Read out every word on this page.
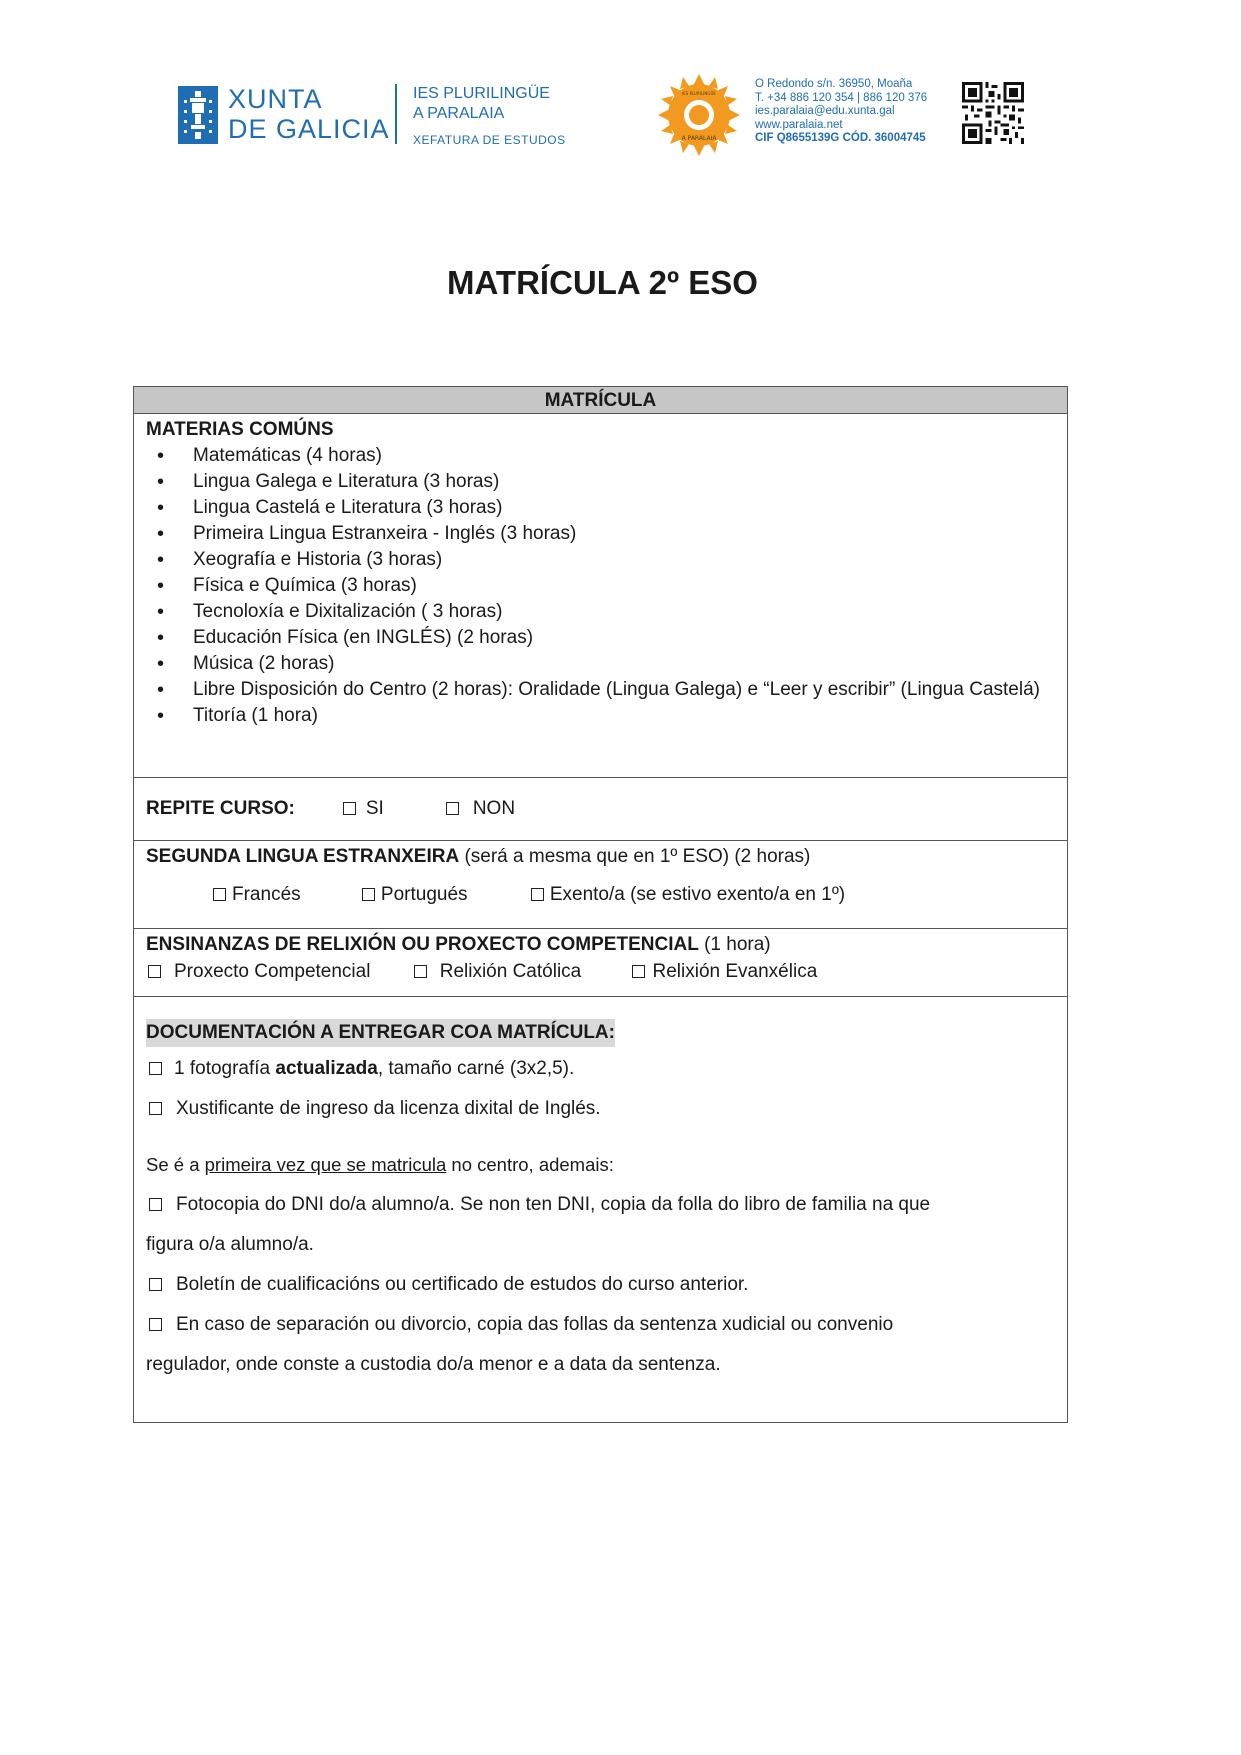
XUNTA
DE GALICIA
IES PLURILINGÜE
A PARALAIA
XEFATURA DE ESTUDOS
IES PLURILINGÜE
A PARALAIA
O Redondo s/n. 36950, Moaña
T. +34 886 120 354 | 886 120 376
ies.paralaia@edu.xunta.gal
www.paralaia.net
CIF Q8655139G CÓD. 36004745
MATRÍCULA 2º ESO
MATRÍCULA
MATERIAS COMÚNS
• Matemáticas (4 horas)
• Lingua Galega e Literatura (3 horas)
• Lingua Castelá e Literatura (3 horas)
• Primeira Lingua Estranxeira - Inglés (3 horas)
• Xeografía e Historia (3 horas)
• Física e Química (3 horas)
• Tecnoloxía e Dixitalización ( 3 horas)
• Educación Física (en INGLÉS) (2 horas)
• Música (2 horas)
• Libre Disposición do Centro (2 horas): Oralidade (Lingua Galega) e “Leer y escribir” (Lingua Castelá)
• Titoría (1 hora)
REPITE CURSO:	SI	NON
SEGUNDA LINGUA ESTRANXEIRA (será a mesma que en 1º ESO) (2 horas)
Francés	Portugués	Exento/a (se estivo exento/a en 1º)
ENSINANZAS DE RELIXIÓN OU PROXECTO COMPETENCIAL (1 hora)
Proxecto Competencial	Relixión Católica	Relixión Evanxélica
DOCUMENTACIÓN A ENTREGAR COA MATRÍCULA:
1 fotografía actualizada, tamaño carné (3x2,5).
Xustificante de ingreso da licenza dixital de Inglés.
Se é a primeira vez que se matricula no centro, ademais:
Fotocopia do DNI do/a alumno/a. Se non ten DNI, copia da folla do libro de familia na que
figura o/a alumno/a.
Boletín de cualificacións ou certificado de estudos do curso anterior.
En caso de separación ou divorcio, copia das follas da sentenza xudicial ou convenio
regulador, onde conste a custodia do/a menor e a data da sentenza.
